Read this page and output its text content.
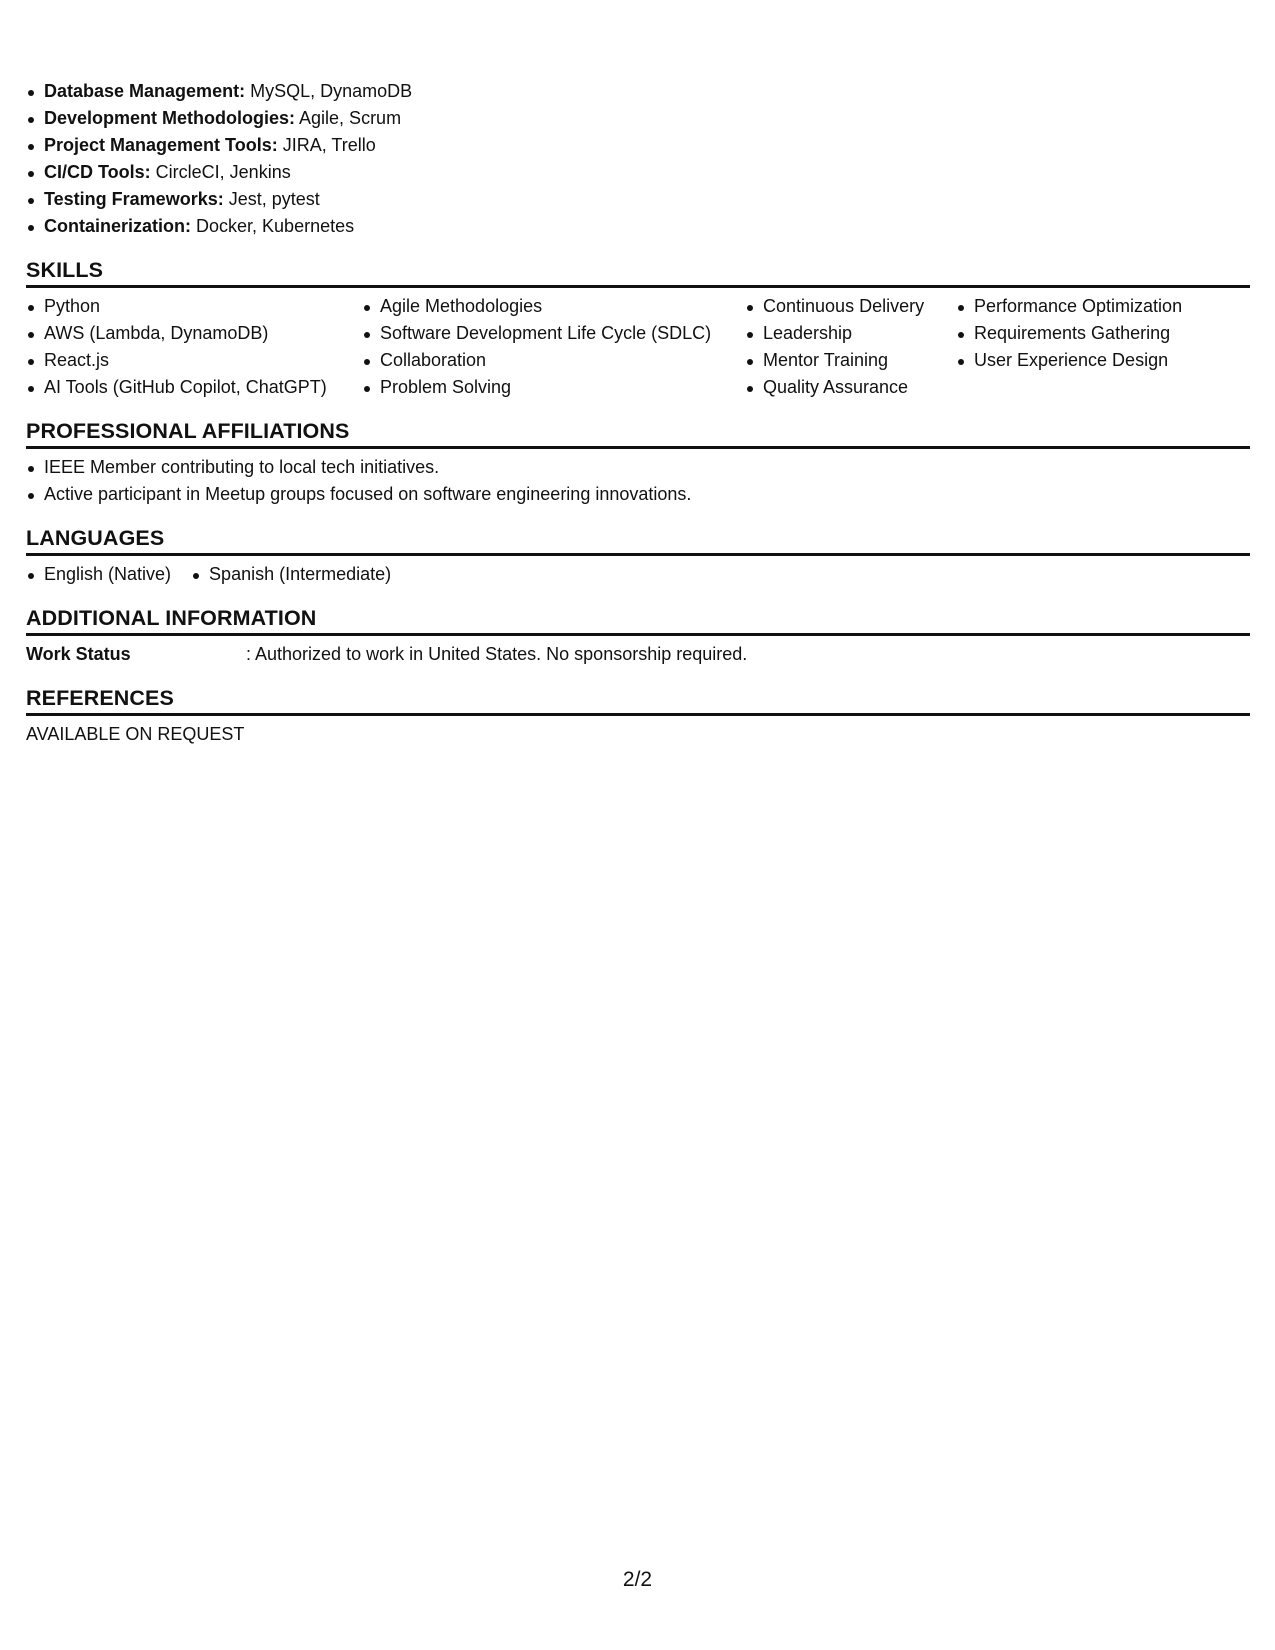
Database Management: MySQL, DynamoDB
Development Methodologies: Agile, Scrum
Project Management Tools: JIRA, Trello
CI/CD Tools: CircleCI, Jenkins
Testing Frameworks: Jest, pytest
Containerization: Docker, Kubernetes
SKILLS
Python
AWS (Lambda, DynamoDB)
React.js
AI Tools (GitHub Copilot, ChatGPT)
Agile Methodologies
Software Development Life Cycle (SDLC)
Collaboration
Problem Solving
Continuous Delivery
Leadership
Mentor Training
Quality Assurance
Performance Optimization
Requirements Gathering
User Experience Design
PROFESSIONAL AFFILIATIONS
IEEE Member contributing to local tech initiatives.
Active participant in Meetup groups focused on software engineering innovations.
LANGUAGES
English (Native)	Spanish (Intermediate)
ADDITIONAL INFORMATION
Work Status	: Authorized to work in United States. No sponsorship required.
REFERENCES
AVAILABLE ON REQUEST
2/2
